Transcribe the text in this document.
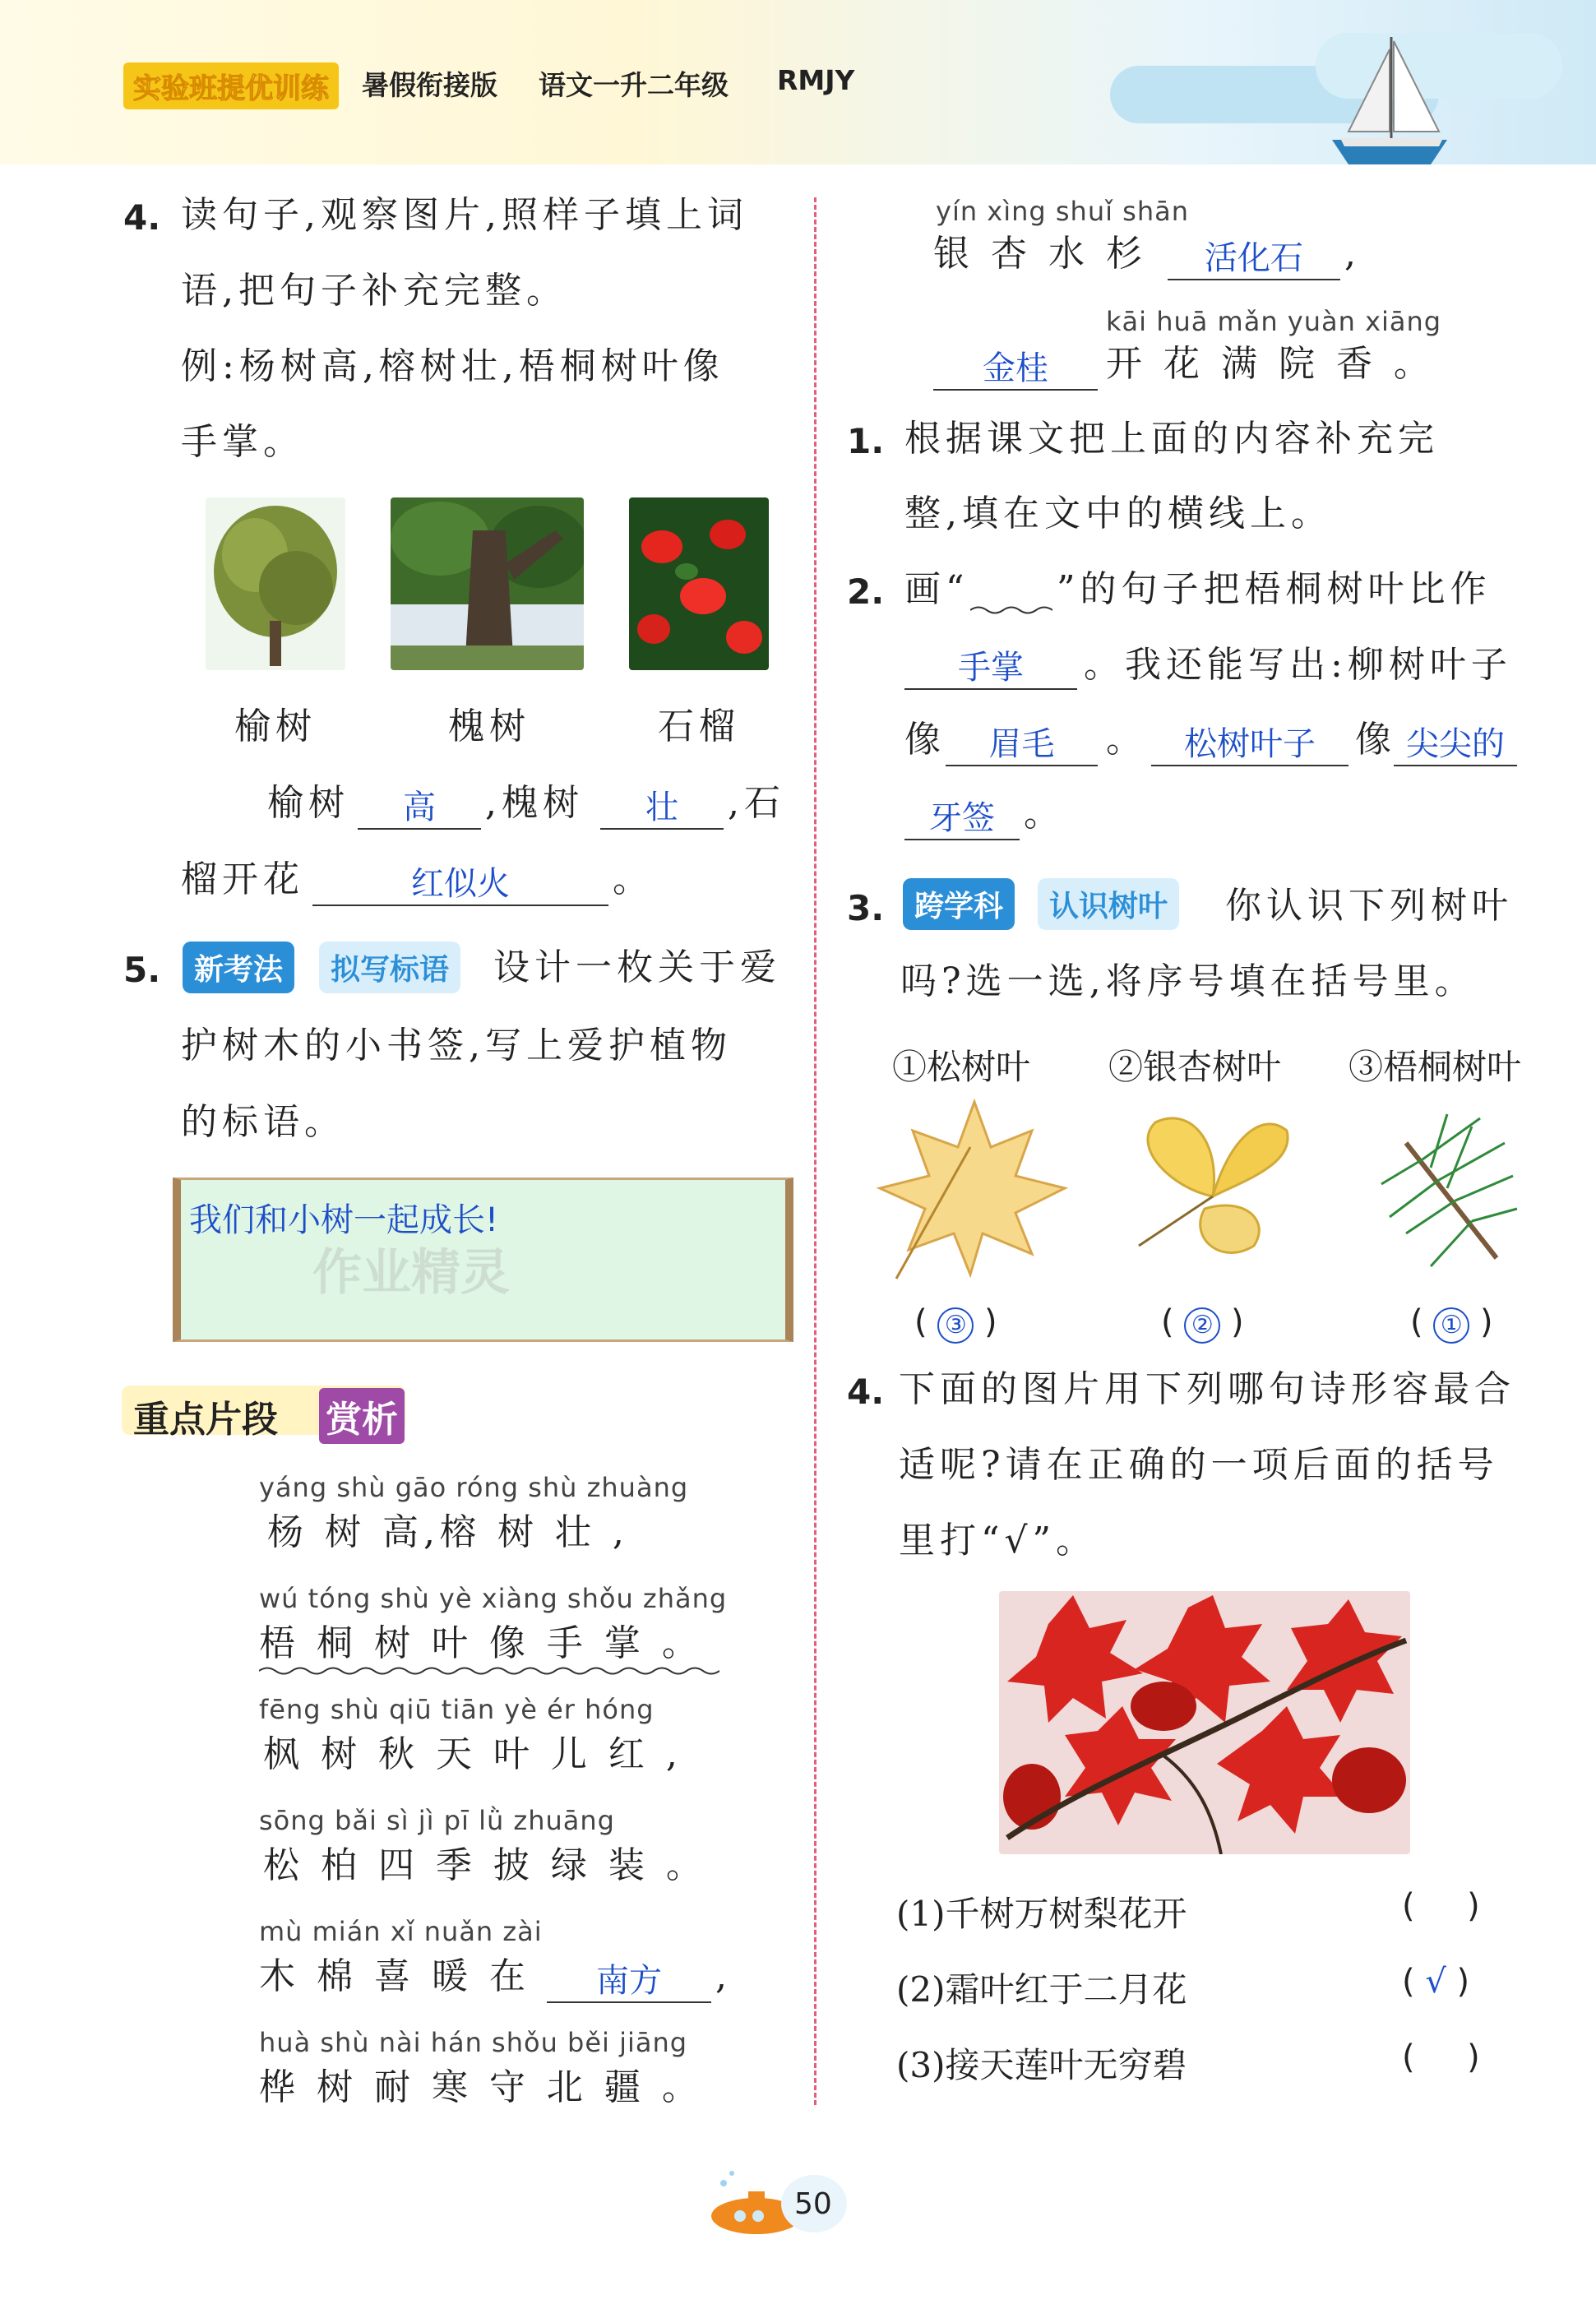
实验班提优训练	暑假衔接版 语文一升二年级 RMJY
4. 读句子,观察图片,照样子填上词
语,把句子补充完整。
例:杨树高,榕树壮,梧桐树叶像
手掌。
榆树	槐树	石榴
榆树	高	,槐树	壮	,石
榴开花	红似火	。
5.	新考法	拟写标语	设计一枚关于爱
护树木的小书签,写上爱护植物
的标语。
我们和小树一起成长!
作业精灵
重点片段 赏析
yáng shù gāo róng shù zhuàng
杨 树 高,榕 树 壮 ,
wú tóng shù yè xiàng shǒu zhǎng
梧 桐 树 叶 像 手 掌 。
fēng shù qiū tiān yè ér hóng
枫 树 秋 天 叶 儿 红 ,
sōng bǎi sì jì pī lǜ zhuāng
松 柏 四 季 披 绿 装 。
mù mián xǐ nuǎn zài
木 棉 喜 暖 在	南方	,
huà shù nài hán shǒu běi jiāng
桦 树 耐 寒 守 北 疆 。
yín xìng shuǐ shān
银 杏 水 杉	活化石	,
kāi huā mǎn yuàn xiāng
金桂	开 花 满 院 香 。
1. 根据课文把上面的内容补充完
整,填在文中的横线上。
2. 画“ ”的句子把梧桐树叶比作
手掌	。我还能写出:柳树叶子
像	眉毛	。	松树叶子	像 尖尖的
牙签 。
3.	跨学科	认识树叶	你认识下列树叶
吗?选一选,将序号填在括号里。
①松树叶 ②银杏树叶 ③梧桐树叶
( ③ )	( ② )	( ① )
4. 下面的图片用下列哪句诗形容最合
适呢?请在正确的一项后面的括号
里打“√”。
(1)千树万树梨花开	(     )
(2)霜叶红于二月花	( √ )
(3)接天莲叶无穷碧	(     )
50
